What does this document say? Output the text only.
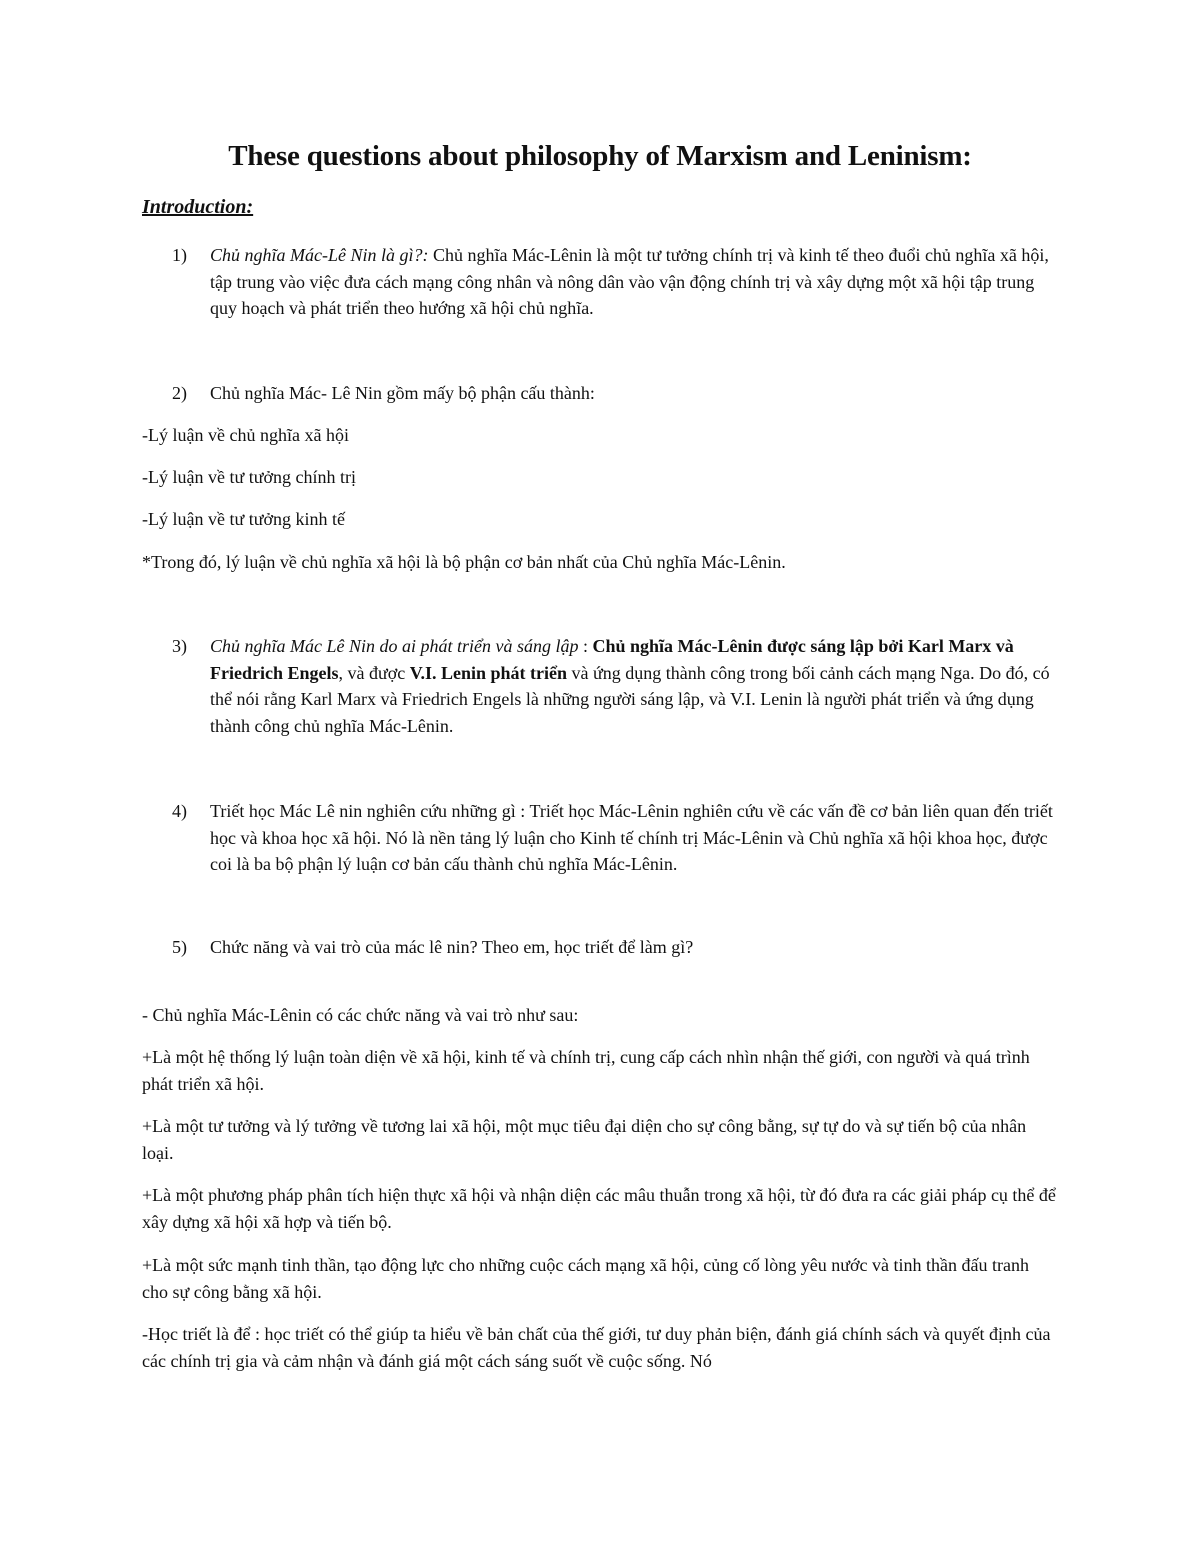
These questions about philosophy of Marxism and Leninism:

Introduction:

1) Chủ nghĩa Mác-Lê Nin là gì?: Chủ nghĩa Mác-Lênin là một tư tưởng chính trị và kinh tế theo đuổi chủ nghĩa xã hội, tập trung vào việc đưa cách mạng công nhân và nông dân vào vận động chính trị và xây dựng một xã hội tập trung quy hoạch và phát triển theo hướng xã hội chủ nghĩa.
2) Chủ nghĩa Mác- Lê Nin gồm mấy bộ phận cấu thành:

-Lý luận về chủ nghĩa xã hội

-Lý luận về tư tưởng chính trị

-Lý luận về tư tưởng kinh tế

*Trong đó, lý luận về chủ nghĩa xã hội là bộ phận cơ bản nhất của Chủ nghĩa Mác-Lênin.

3) Chủ nghĩa Mác Lê Nin do ai phát triển và sáng lập : Chủ nghĩa Mác-Lênin được sáng lập bởi Karl Marx và Friedrich Engels, và được V.I. Lenin phát triển và ứng dụng thành công trong bối cảnh cách mạng Nga. Do đó, có thể nói rằng Karl Marx và Friedrich Engels là những người sáng lập, và V.I. Lenin là người phát triển và ứng dụng thành công chủ nghĩa Mác-Lênin.
4) Triết học Mác Lê nin nghiên cứu những gì : Triết học Mác-Lênin nghiên cứu về các vấn đề cơ bản liên quan đến triết học và khoa học xã hội. Nó là nền tảng lý luận cho Kinh tế chính trị Mác-Lênin và Chủ nghĩa xã hội khoa học, được coi là ba bộ phận lý luận cơ bản cấu thành chủ nghĩa Mác-Lênin.
5) Chức năng và vai trò của mác lê nin? Theo em, học triết để làm gì?

- Chủ nghĩa Mác-Lênin có các chức năng và vai trò như sau:

+Là một hệ thống lý luận toàn diện về xã hội, kinh tế và chính trị, cung cấp cách nhìn nhận thế giới, con người và quá trình phát triển xã hội.

+Là một tư tưởng và lý tưởng về tương lai xã hội, một mục tiêu đại diện cho sự công bằng, sự tự do và sự tiến bộ của nhân loại.

+Là một phương pháp phân tích hiện thực xã hội và nhận diện các mâu thuẫn trong xã hội, từ đó đưa ra các giải pháp cụ thể để xây dựng xã hội xã hợp và tiến bộ.

+Là một sức mạnh tinh thần, tạo động lực cho những cuộc cách mạng xã hội, củng cố lòng yêu nước và tinh thần đấu tranh cho sự công bằng xã hội.

-Học triết là để : học triết có thể giúp ta hiểu về bản chất của thế giới, tư duy phản biện, đánh giá chính sách và quyết định của các chính trị gia và cảm nhận và đánh giá một cách sáng suốt về cuộc sống. Nó
